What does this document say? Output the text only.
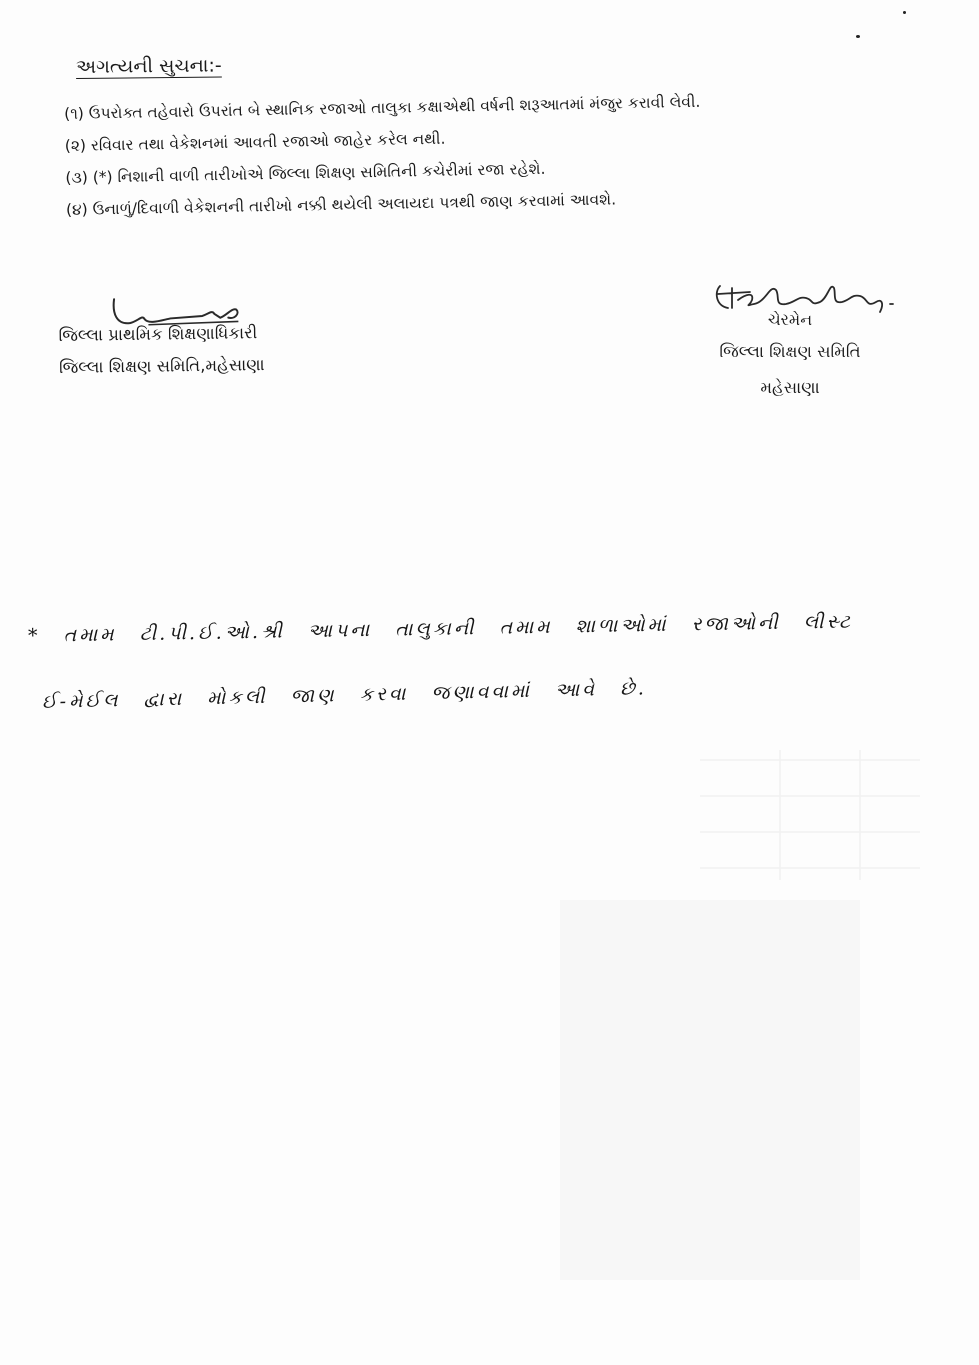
અગત્યની સુચના:-
(૧) ઉપરોક્ત તહેવારો ઉપરાંત બે સ્થાનિક રજાઓ તાલુકા કક્ષાએથી વર્ષની શરૂઆતમાં મંજુર કરાવી લેવી.
(૨) રવિવાર તથા વેકેશનમાં આવતી રજાઓ જાહેર કરેલ નથી.
(૩) (*) નિશાની વાળી તારીખોએ જિલ્લા શિક્ષણ સમિતિની કચેરીમાં રજા રહેશે.
(૪) ઉનાળું/દિવાળી વેકેશનની તારીખો નક્કી થયેલી અલાયદા પત્રથી જાણ કરવામાં આવશે.
જિલ્લા પ્રાથમિક શિક્ષણાધિકારી
જિલ્લા શિક્ષણ સમિતિ,મહેસાણા
ચેરમેન
જિલ્લા શિક્ષણ સમિતિ
મહેસાણા
* તમામ ટી.પી.ઈ.ઓ.શ્રી આપના તાલુકાની તમામ શાળાઓમાં રજાઓની લીસ્ટ
ઈ-મેઈલ દ્વારા મોકલી જાણ કરવા જણાવવામાં આવે છે.
